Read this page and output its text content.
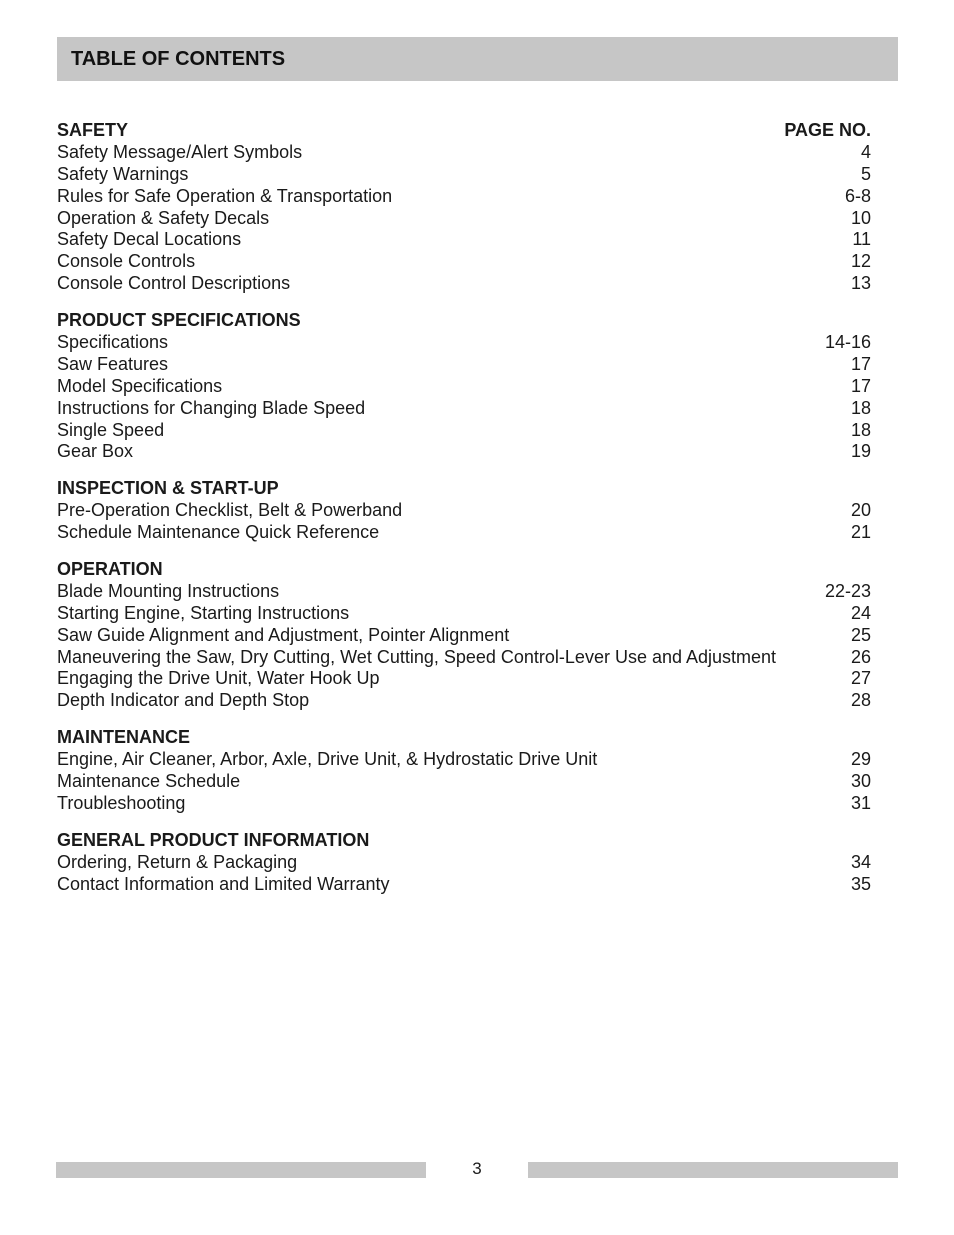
TABLE OF CONTENTS
SAFETY	PAGE NO.
Safety Message/Alert Symbols	4
Safety Warnings	5
Rules for Safe Operation & Transportation	6-8
Operation & Safety Decals	10
Safety Decal Locations	11
Console Controls	12
Console Control Descriptions	13
PRODUCT SPECIFICATIONS
Specifications	14-16
Saw Features	17
Model Specifications	17
Instructions for Changing Blade Speed	18
Single Speed	18
Gear Box	19
INSPECTION & START-UP
Pre-Operation Checklist, Belt & Powerband	20
Schedule Maintenance Quick Reference	21
OPERATION
Blade Mounting Instructions	22-23
Starting Engine, Starting Instructions	24
Saw Guide Alignment and Adjustment, Pointer Alignment	25
Maneuvering the Saw, Dry Cutting, Wet Cutting, Speed Control-Lever Use and Adjustment	26
Engaging the Drive Unit, Water Hook Up	27
Depth Indicator and Depth Stop	28
MAINTENANCE
Engine, Air Cleaner, Arbor, Axle, Drive Unit, & Hydrostatic Drive Unit	29
Maintenance Schedule	30
Troubleshooting	31
GENERAL PRODUCT INFORMATION
Ordering, Return & Packaging	34
Contact Information and Limited Warranty	35
3
